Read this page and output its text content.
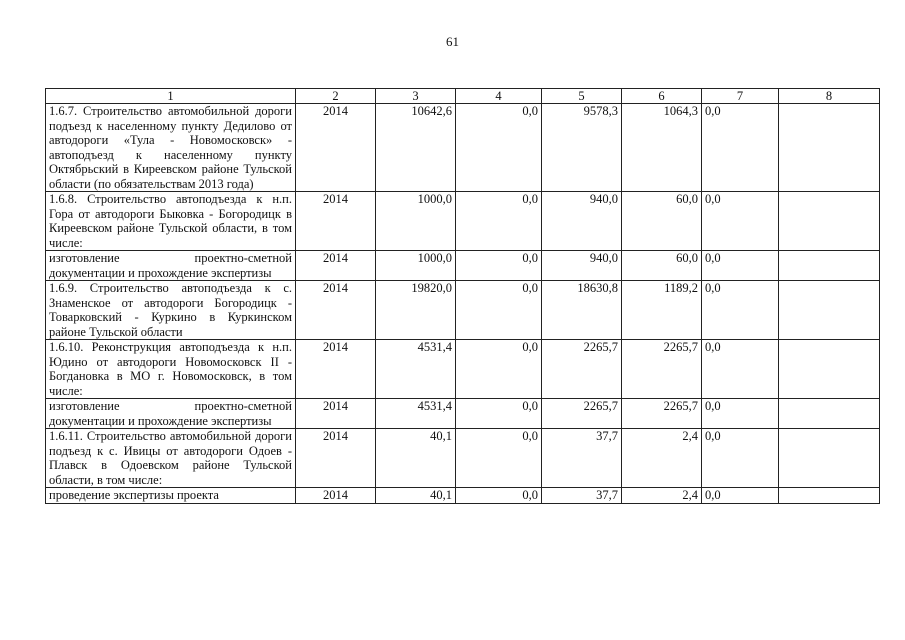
61
1	2	3	4	5	6	7	8
1.6.7. Строительство автомобильной дороги подъезд к населенному пункту Дедилово от автодороги «Тула - Новомосковск» - автоподъезд к населенному пункту Октябрьский в Киреевском районе Тульской области (по обязательствам 2013 года)	2014	10642,6	0,0	9578,3	1064,3	0,0	
1.6.8. Строительство автоподъезда к н.п. Гора от автодороги Быковка - Богородицк в Киреевском районе Тульской области, в том числе:	2014	1000,0	0,0	940,0	60,0	0,0	
изготовление проектно-сметной документации и прохождение экспертизы	2014	1000,0	0,0	940,0	60,0	0,0	
1.6.9. Строительство автоподъезда к с. Знаменское от автодороги Богородицк - Товарковский - Куркино в Куркинском районе Тульской области	2014	19820,0	0,0	18630,8	1189,2	0,0	
1.6.10. Реконструкция автоподъезда к н.п. Юдино от автодороги Новомосковск II - Богдановка в МО г. Новомосковск, в том числе:	2014	4531,4	0,0	2265,7	2265,7	0,0	
изготовление проектно-сметной документации и прохождение экспертизы	2014	4531,4	0,0	2265,7	2265,7	0,0	
1.6.11. Строительство автомобильной дороги подъезд к с. Ивицы от автодороги Одоев - Плавск в Одоевском районе Тульской области, в том числе:	2014	40,1	0,0	37,7	2,4	0,0	
проведение экспертизы проекта	2014	40,1	0,0	37,7	2,4	0,0	
